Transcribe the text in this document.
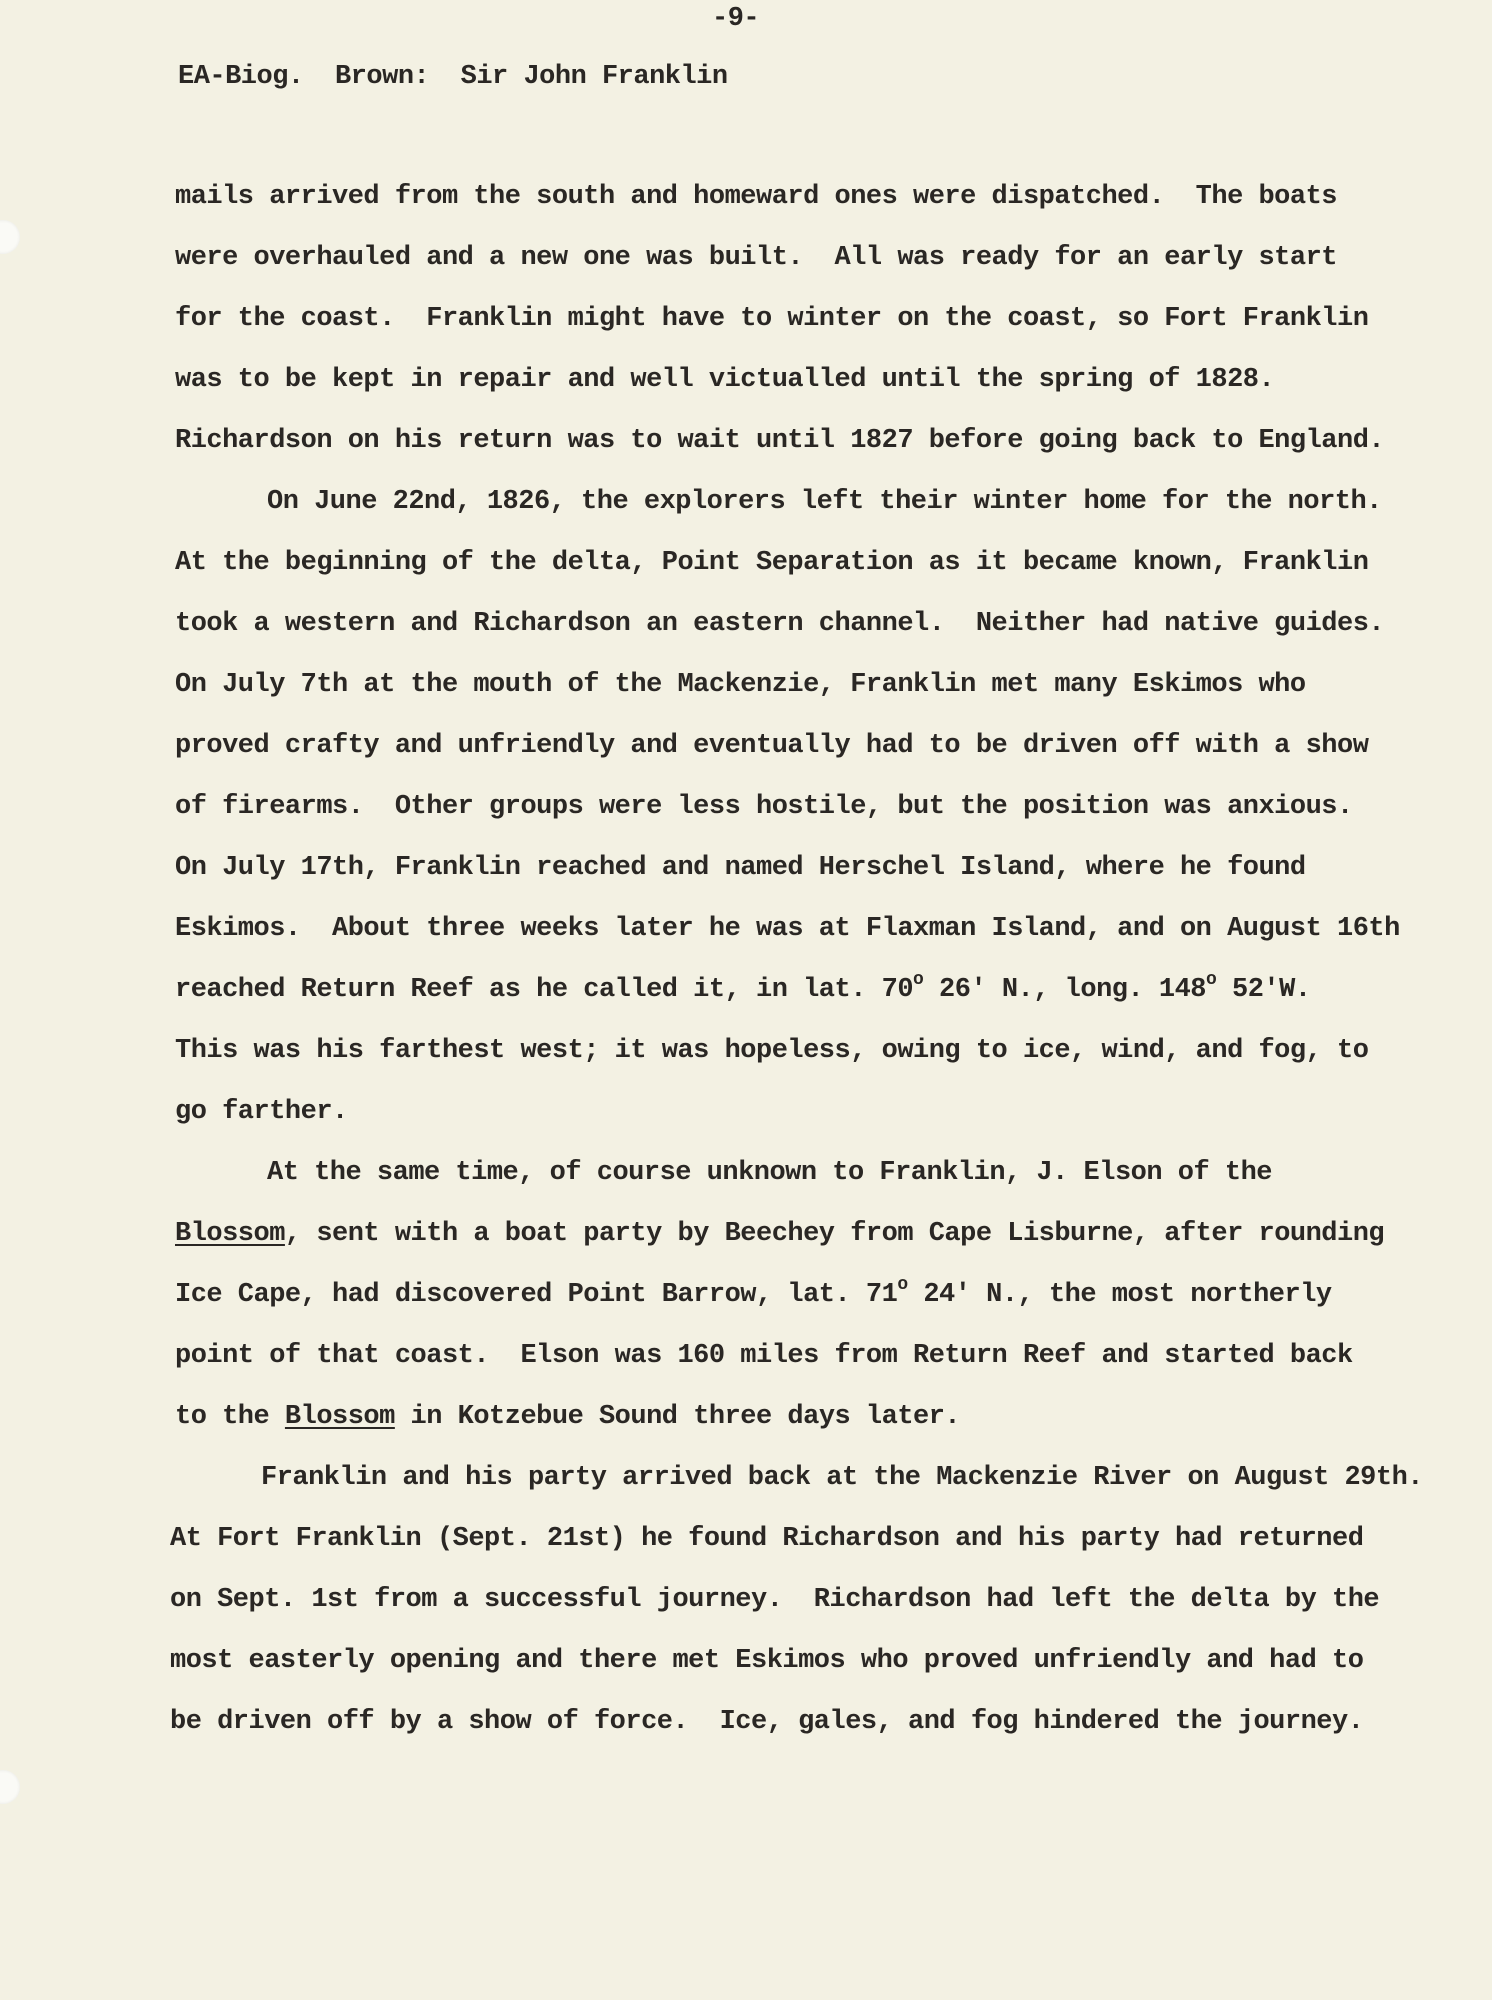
-9-
EA-Biog.  Brown:  Sir John Franklin
mails arrived from the south and homeward ones were dispatched.  The boats
were overhauled and a new one was built.  All was ready for an early start
for the coast.  Franklin might have to winter on the coast, so Fort Franklin
was to be kept in repair and well victualled until the spring of 1828.
Richardson on his return was to wait until 1827 before going back to England.
On June 22nd, 1826, the explorers left their winter home for the north.
At the beginning of the delta, Point Separation as it became known, Franklin
took a western and Richardson an eastern channel.  Neither had native guides.
On July 7th at the mouth of the Mackenzie, Franklin met many Eskimos who
proved crafty and unfriendly and eventually had to be driven off with a show
of firearms.  Other groups were less hostile, but the position was anxious.
On July 17th, Franklin reached and named Herschel Island, where he found
Eskimos.  About three weeks later he was at Flaxman Island, and on August 16th
reached Return Reef as he called it, in lat. 70$^o$ 26' N., long. 148$^o$ 52'W.
This was his farthest west; it was hopeless, owing to ice, wind, and fog, to
go farther.
At the same time, of course unknown to Franklin, J. Elson of the
Blossom, sent with a boat party by Beechey from Cape Lisburne, after rounding
Ice Cape, had discovered Point Barrow, lat. 71$^o$ 24' N., the most northerly
point of that coast.  Elson was 160 miles from Return Reef and started back
to the Blossom in Kotzebue Sound three days later.
Franklin and his party arrived back at the Mackenzie River on August 29th.
At Fort Franklin (Sept. 21st) he found Richardson and his party had returned
on Sept. 1st from a successful journey.  Richardson had left the delta by the
most easterly opening and there met Eskimos who proved unfriendly and had to
be driven off by a show of force.  Ice, gales, and fog hindered the journey.
